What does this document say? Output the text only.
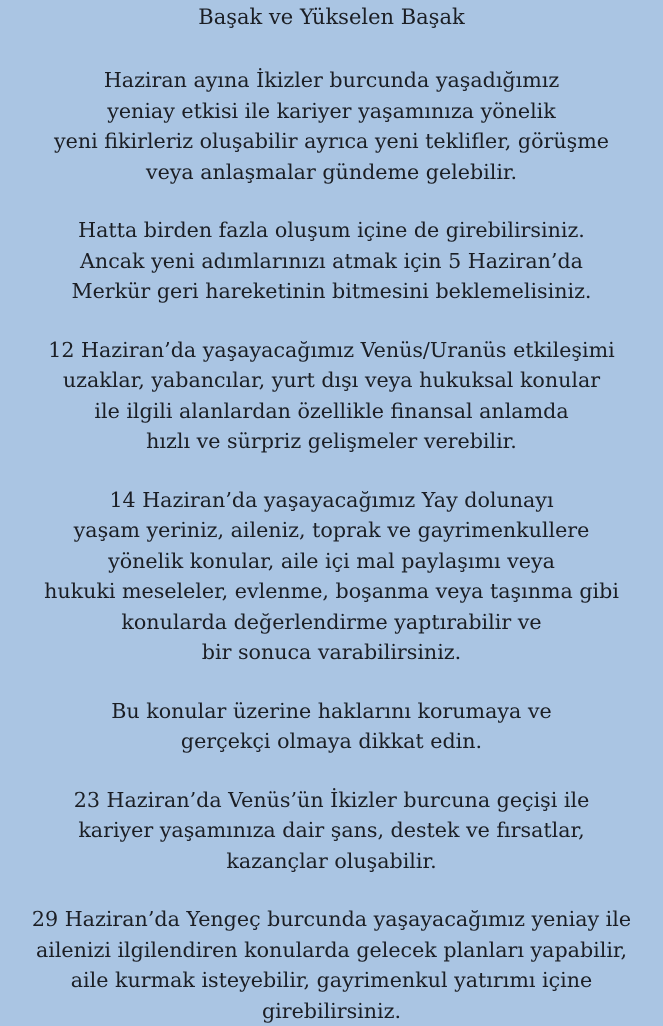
Başak ve Yükselen Başak
Haziran ayına İkizler burcunda yaşadığımız
yeniay etkisi ile kariyer yaşamınıza yönelik
yeni fikirleriz oluşabilir ayrıca yeni teklifler, görüşme
veya anlaşmalar gündeme gelebilir.
Hatta birden fazla oluşum içine de girebilirsiniz.
Ancak yeni adımlarınızı atmak için 5 Haziran’da
Merkür geri hareketinin bitmesini beklemelisiniz.
12 Haziran’da yaşayacağımız Venüs/Uranüs etkileşimi
uzaklar, yabancılar, yurt dışı veya hukuksal konular
ile ilgili alanlardan özellikle finansal anlamda
hızlı ve sürpriz gelişmeler verebilir.
14 Haziran’da yaşayacağımız Yay dolunayı
yaşam yeriniz, aileniz, toprak ve gayrimenkullere
yönelik konular, aile içi mal paylaşımı veya
hukuki meseleler, evlenme, boşanma veya taşınma gibi
konularda değerlendirme yaptırabilir ve
bir sonuca varabilirsiniz.
Bu konular üzerine haklarını korumaya ve
gerçekçi olmaya dikkat edin.
23 Haziran’da Venüs’ün İkizler burcuna geçişi ile
kariyer yaşamınıza dair şans, destek ve fırsatlar,
kazançlar oluşabilir.
29 Haziran’da Yengeç burcunda yaşayacağımız yeniay ile
ailenizi ilgilendiren konularda gelecek planları yapabilir,
aile kurmak isteyebilir, gayrimenkul yatırımı içine
girebilirsiniz.
